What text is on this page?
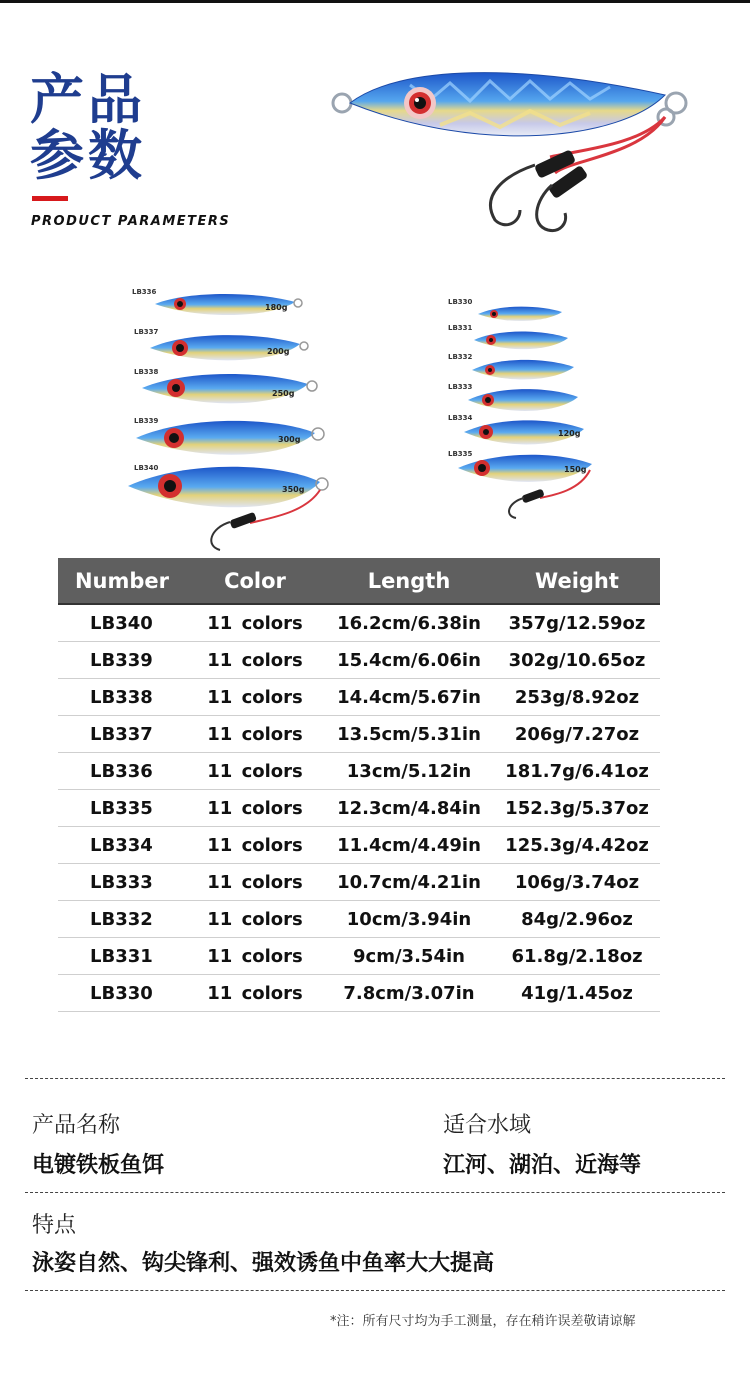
产品
参数
PRODUCT PARAMETERS
LB336
180g
LB337
200g
LB338
250g
LB339
300g
LB340
350g
LB330
LB331
LB332
LB333
LB334
120g
LB335
150g
Number	Color	Length	Weight
LB340	11 colors	16.2cm/6.38in	357g/12.59oz
LB339	11 colors	15.4cm/6.06in	302g/10.65oz
LB338	11 colors	14.4cm/5.67in	253g/8.92oz
LB337	11 colors	13.5cm/5.31in	206g/7.27oz
LB336	11 colors	13cm/5.12in	181.7g/6.41oz
LB335	11 colors	12.3cm/4.84in	152.3g/5.37oz
LB334	11 colors	11.4cm/4.49in	125.3g/4.42oz
LB333	11 colors	10.7cm/4.21in	106g/3.74oz
LB332	11 colors	10cm/3.94in	84g/2.96oz
LB331	11 colors	9cm/3.54in	61.8g/2.18oz
LB330	11 colors	7.8cm/3.07in	41g/1.45oz
产品名称
电镀铁板鱼饵
适合水域
江河、湖泊、近海等
特点
泳姿自然、钩尖锋利、强效诱鱼中鱼率大大提高
*注：所有尺寸均为手工测量，存在稍许误差敬请谅解
